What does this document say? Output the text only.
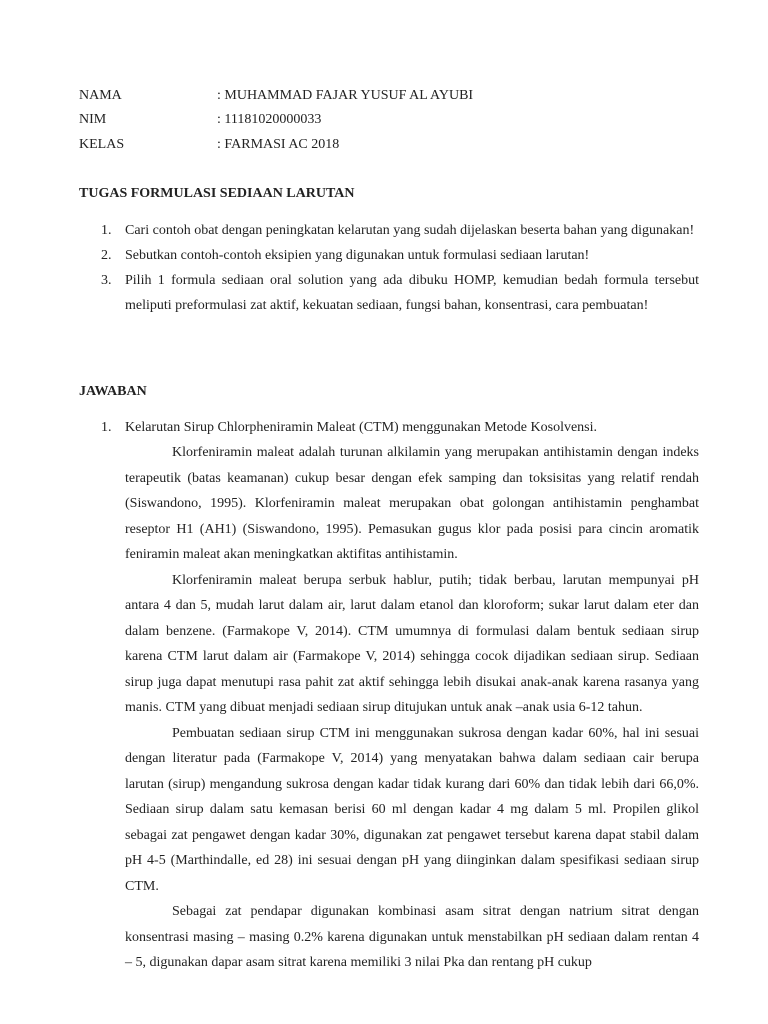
NAMA	: MUHAMMAD FAJAR YUSUF AL AYUBI
NIM	: 11181020000033
KELAS	: FARMASI AC 2018
TUGAS FORMULASI SEDIAAN LARUTAN
1. Cari contoh obat dengan peningkatan kelarutan yang sudah dijelaskan beserta bahan yang digunakan!
2. Sebutkan contoh-contoh eksipien yang digunakan untuk formulasi sediaan larutan!
3. Pilih 1 formula sediaan oral solution yang ada dibuku HOMP, kemudian bedah formula tersebut meliputi preformulasi zat aktif, kekuatan sediaan, fungsi bahan, konsentrasi, cara pembuatan!
JAWABAN
1. Kelarutan Sirup Chlorpheniramin Maleat (CTM) menggunakan Metode Kosolvensi.

Klorfeniramin maleat adalah turunan alkilamin yang merupakan antihistamin dengan indeks terapeutik (batas keamanan) cukup besar dengan efek samping dan toksisitas yang relatif rendah (Siswandono, 1995). Klorfeniramin maleat merupakan obat golongan antihistamin penghambat reseptor H1 (AH1) (Siswandono, 1995). Pemasukan gugus klor pada posisi para cincin aromatik feniramin maleat akan meningkatkan aktifitas antihistamin.

Klorfeniramin maleat berupa serbuk hablur, putih; tidak berbau, larutan mempunyai pH antara 4 dan 5, mudah larut dalam air, larut dalam etanol dan kloroform; sukar larut dalam eter dan dalam benzene. (Farmakope V, 2014). CTM umumnya di formulasi dalam bentuk sediaan sirup karena CTM larut dalam air (Farmakope V, 2014) sehingga cocok dijadikan sediaan sirup. Sediaan sirup juga dapat menutupi rasa pahit zat aktif sehingga lebih disukai anak-anak karena rasanya yang manis. CTM yang dibuat menjadi sediaan sirup ditujukan untuk anak –anak usia 6-12 tahun.

Pembuatan sediaan sirup CTM ini menggunakan sukrosa dengan kadar 60%, hal ini sesuai dengan literatur pada (Farmakope V, 2014) yang menyatakan bahwa dalam sediaan cair berupa larutan (sirup) mengandung sukrosa dengan kadar tidak kurang dari 60% dan tidak lebih dari 66,0%. Sediaan sirup dalam satu kemasan berisi 60 ml dengan kadar 4 mg dalam 5 ml. Propilen glikol sebagai zat pengawet dengan kadar 30%, digunakan zat pengawet tersebut karena dapat stabil dalam pH 4-5 (Marthindalle, ed 28) ini sesuai dengan pH yang diinginkan dalam spesifikasi sediaan sirup CTM.

Sebagai zat pendapar digunakan kombinasi asam sitrat dengan natrium sitrat dengan konsentrasi masing – masing 0.2% karena digunakan untuk menstabilkan pH sediaan dalam rentan 4 – 5, digunakan dapar asam sitrat karena memiliki 3 nilai Pka dan rentang pH cukup
